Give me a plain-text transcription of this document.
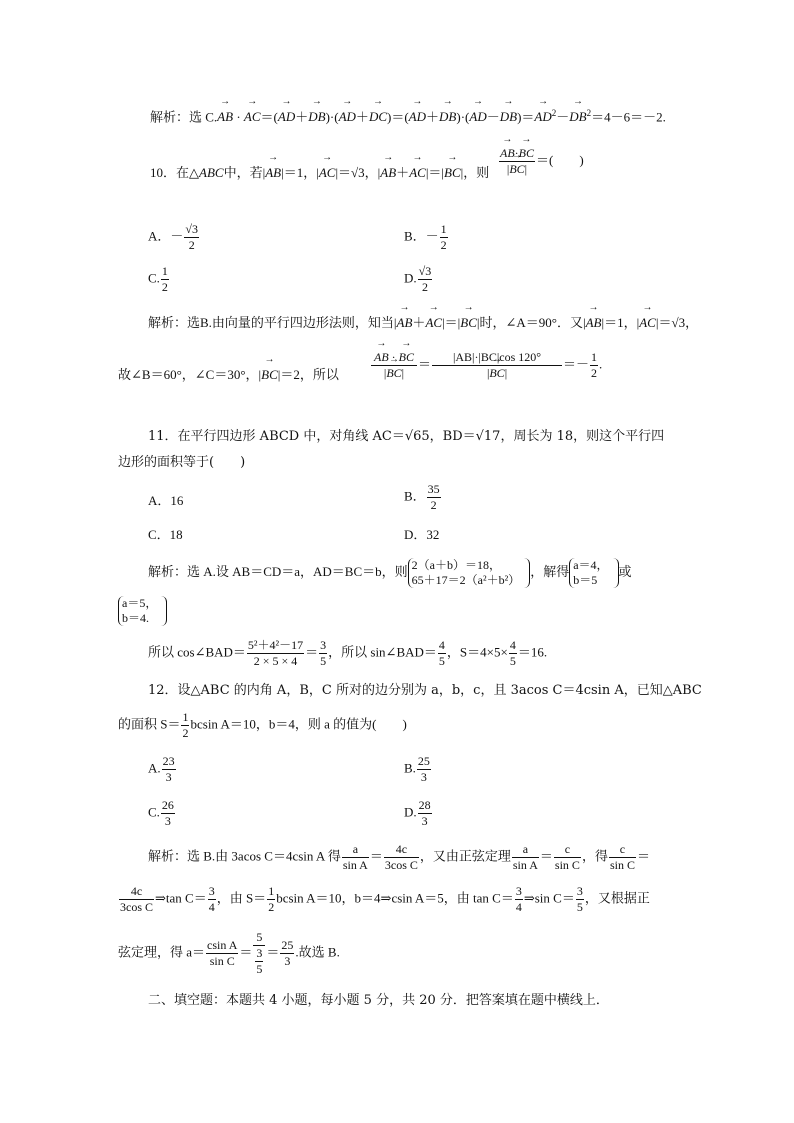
解析：选 C.→ AB · → $AC=(\to AD+\to DB)\cdot(\to AD+\to DC)=(\to AD+\to DB)\cdot(\to AD-\to DB)=\to AD^2-\to DB^2=4-6=-2$.
10．在△ABC中，若|→ AB|＝1，|→ AC|＝√3，|→ AB＋→ AC|＝|→ BC|，则 → $\frac{AB\cdot\to BC}{|\to BC|}$ ＝(　　)
A．－ $\frac{√3}{2}$	B．－ $\frac{1}{2}$
C. $\frac{1}{2}$	D. $\frac{√3}{2}$
解析：选B.由向量的平行四边形法则，知当|→ AB＋→ AC|＝|→ BC|时，∠A＝90°．又|→ AB|＝1，|→ AC|＝√3，
故∠B＝60°，∠C＝30°，|→ BC|＝2，所以	→ $\frac{AB \cdot \to BC}{|\to BC|} = \frac{|AB|\cdot|BC|\cos 120^\circ}{|\to BC|} =- \frac{1}{2}$ .
11．在平行四边形 ABCD 中，对角线 AC＝√65，BD＝√17，周长为 18，则这个平行四
边形的面积等于(　　)
A．16	B． $\frac{35}{2}$
C．18	D．32
解析：选 A.设 AB＝CD＝a，AD＝BC＝b，则 2（a＋b）＝18，
65＋17＝2（a²＋b²）
，解得 a＝4，
b＝5
或
a＝5，
b＝4.
所以 cos∠BAD＝ $\frac{\text{5²＋4²－17}}{2 \times 5 \times 4} = \frac{3}{5}$ ，所以 sin∠BAD＝ $\frac{4}{5}$ ，$S=4\times 5\times \frac{4}{5} =16$.
12．设△ABC 的内角 A，B，C 所对的边分别为 a，b，c，且 3acos C＝4csin A，已知△ABC
的面积 $S= \frac{1}{2}$ bcsin A＝10，b＝4，则 a 的值为(　　)
A. $\frac{23}{3}$	B. $\frac{25}{3}$
C. $\frac{26}{3}$	D. $\frac{28}{3}$
解析：选 B.由 3acos C＝4csin A 得 $\frac{a}{\text{sin A}} = \frac{4c}{\text{3cos C}}$ ，又由正弦定理 $\frac{a}{\text{sin A}} = \frac{c}{\text{sin C}}$ ，得 $\frac{c}{\text{sin C}}$ ＝
$\frac{4c}{\text{3cos C}}$ ⇒tan $C= \frac{3}{4}$ ，由 $S= \frac{1}{2}$ bcsin A＝10，b＝4⇒csin A＝5，由 $\tan C= \frac{3}{4}$ ⇒sin $C= \frac{3}{5}$ ，又根据正
弦定理，得 $a= \frac{\text{csin A}}{\text{sin C}} = \frac{5}{\frac{3}{5}} = \frac{25}{3}$ .故选 B.
二、填空题：本题共 4 小题，每小题 5 分，共 20 分．把答案填在题中横线上．
